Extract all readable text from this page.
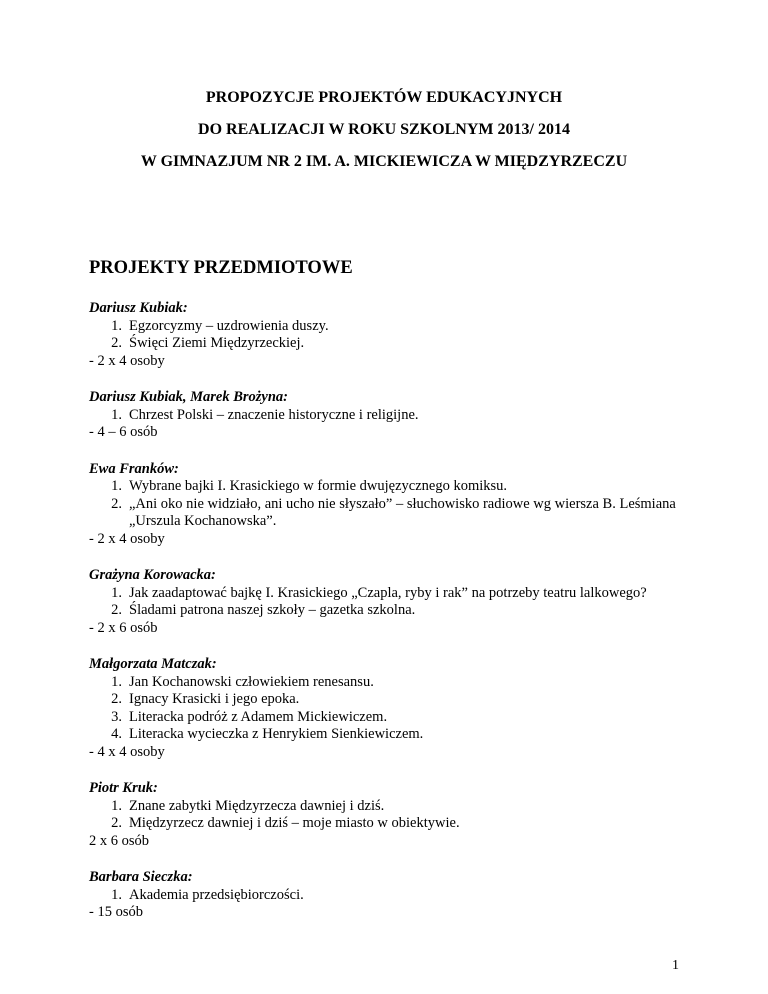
PROPOZYCJE PROJEKTÓW EDUKACYJNYCH

DO REALIZACJI W ROKU SZKOLNYM 2013/ 2014

W GIMNAZJUM NR 2 IM. A. MICKIEWICZA W MIĘDZYRZECZU

PROJEKTY PRZEDMIOTOWE

Dariusz Kubiak:

1. Egzorcyzmy – uzdrowienia duszy.
2. Święci Ziemi Międzyrzeckiej.

- 2 x 4 osoby

Dariusz Kubiak, Marek Brożyna:

1. Chrzest Polski – znaczenie historyczne i religijne.

- 4 – 6 osób

Ewa Franków:

1. Wybrane bajki I. Krasickiego w formie dwujęzycznego komiksu.
2. „Ani oko nie widziało, ani ucho nie słyszało” – słuchowisko radiowe wg wiersza B. Leśmiana „Urszula Kochanowska”.

- 2 x 4 osoby

Grażyna Korowacka:

1. Jak zaadaptować bajkę I. Krasickiego „Czapla, ryby i rak” na potrzeby teatru lalkowego?
2. Śladami patrona naszej szkoły – gazetka szkolna.

- 2 x 6 osób

Małgorzata Matczak:

1. Jan Kochanowski człowiekiem renesansu.
2. Ignacy Krasicki i jego epoka.
3. Literacka podróż z Adamem Mickiewiczem.
4. Literacka wycieczka z Henrykiem Sienkiewiczem.

- 4 x 4 osoby

Piotr Kruk:

1. Znane zabytki Międzyrzecza dawniej i dziś.
2. Międzyrzecz dawniej i dziś – moje miasto w obiektywie.

2 x 6 osób

Barbara Sieczka:

1. Akademia przedsiębiorczości.

- 15 osób

1
